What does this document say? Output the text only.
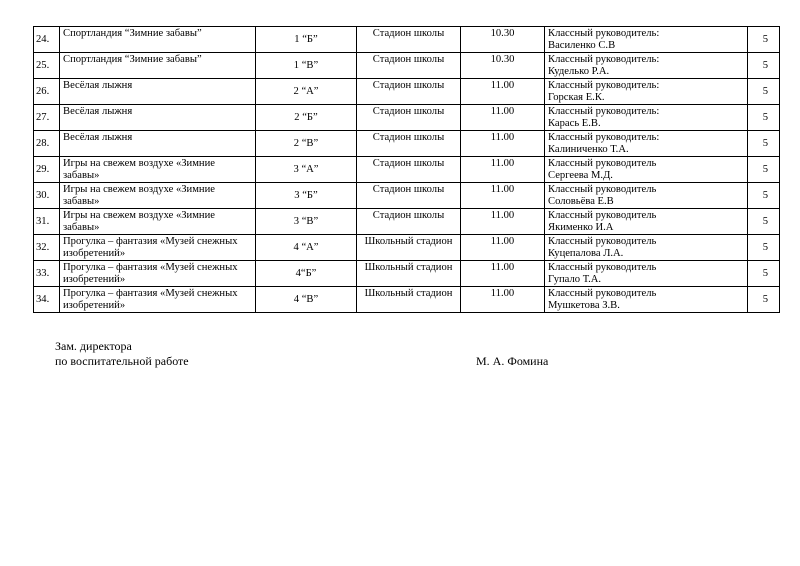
24.	Спортландия “Зимние забавы”	1 “Б”	Стадион школы	10.30	Классный руководитель:
Василенко С.В	5
25.	Спортландия “Зимние забавы”	1 “В”	Стадион школы	10.30	Классный руководитель:
Куделько Р.А.	5
26.	Весёлая лыжня	2 “А”	Стадион школы	11.00	Классный руководитель:
Горская Е.К.	5
27.	Весёлая лыжня	2 “Б”	Стадион школы	11.00	Классный руководитель:
Карась Е.В.	5
28.	Весёлая лыжня	2 “В”	Стадион школы	11.00	Классный руководитель:
Калиниченко Т.А.	5
29.	Игры на свежем воздухе «Зимние забавы»	3 “А”	Стадион школы	11.00	Классный руководитель
Сергеева М.Д.	5
30.	Игры на свежем воздухе «Зимние забавы»	3 “Б”	Стадион школы	11.00	Классный руководитель
Соловьёва Е.В	5
31.	Игры на свежем воздухе «Зимние забавы»	3 “В”	Стадион школы	11.00	Классный руководитель
Якименко И.А	5
32.	Прогулка – фантазия «Музей снежных изобретений»	4 “А”	Школьный стадион	11.00	Классный руководитель
Куцепалова Л.А.	5
33.	Прогулка – фантазия «Музей снежных изобретений»	4“Б”	Школьный стадион	11.00	Классный руководитель
Гупало Т.А.	5
34.	Прогулка – фантазия «Музей снежных изобретений»	4 “В”	Школьный стадион	11.00	Классный руководитель
Мушкетова З.В.	5
Зам. директора
по воспитательной работе	М. А. Фомина
